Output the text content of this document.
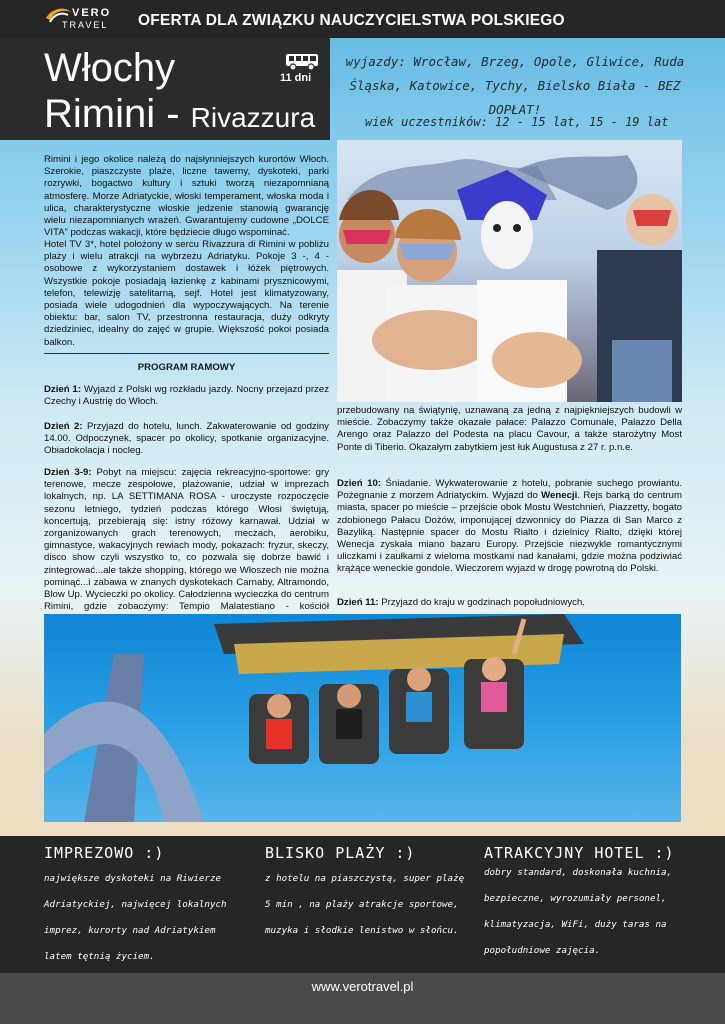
VERO
TRAVEL OFERTA DLA ZWIĄZKU NAUCZYCIELSTWA POLSKIEGO
Włochy
Rimini - Rivazzura
11 dni
wyjazdy: Wrocław, Brzeg, Opole, Gliwice, Ruda Śląska, Katowice, Tychy, Bielsko Biała - BEZ DOPŁAT!
wiek uczestników: 12 - 15 lat, 15 - 19 lat
Rimini i jego okolice należą do najsłynniejszych kurortów Włoch. Szerokie, piaszczyste plaże, liczne tawerny, dyskoteki, parki rozrywki, bogactwo kultury i sztuki tworzą niezapomnianą atmosferę. Morze Adriatyckie, włoski temperament, włoska moda i ulica, charakterystyczne włoskie jedzenie stanowią gwarancję wielu niezapomnianych wrażeń. Gwarantujemy cudowne „DOLCE VITA” podczas wakacji, które będziecie długo wspominać.
Hotel TV 3*, hotel położony w sercu Rivazzura di Rimini w pobliżu plaży i wielu atrakcji na wybrzeżu Adriatyku. Pokoje 3 -, 4 - osobowe z wykorzystaniem dostawek i łóżek piętrowych. Wszystkie pokoje posiadają łazienkę z kabinami prysznicowymi, telefon, telewizję satelitarną, sejf. Hotel jest klimatyzowany, posiada wiele udogodnień dla wypoczywających. Na terenie obiektu: bar, salon TV, przestronna restauracja, duży odkryty dziedziniec, idealny do zajęć w grupie. Większość pokoi posiada balkon.
PROGRAM RAMOWY
Dzień 1: Wyjazd z Polski wg rozkładu jazdy. Nocny przejazd przez Czechy i Austrię do Włoch.
Dzień 2: Przyjazd do hotelu, lunch. Zakwaterowanie od godziny 14.00. Odpoczynek, spacer po okolicy, spotkanie organizacyjne. Obiadokolacja i nocleg.
Dzień 3-9: Pobyt na miejscu: zajęcia rekreacyjno-sportowe: gry terenowe, mecze zespołowe, plażowanie, udział w imprezach lokalnych, np. LA SETTIMANA ROSA - uroczyste rozpoczęcie sezonu letniego, tydzień podczas którego Włosi świętują, koncertują, przebierają się: istny różowy karnawał. Udział w zorganizowanych grach terenowych, meczach, aerobiku, gimnastyce, wakacyjnych rewiach mody, pokazach: fryzur, skeczy, disco show czyli wszystko to, co pozwala się dobrze bawić i zintegrować...ale także shopping, którego we Włoszech nie można pominąć...i zabawa w znanych dyskotekach Carnaby, Altramondo, Blow Up. Wycieczki po okolicy. Całodzienna wycieczka do centrum Rimini, gdzie zobaczymy: Tempio Malatestiano - kościół
przebudowany na świątynię, uznawaną za jedną z najpiękniejszych budowli w mieście. Zobaczymy także okazałe pałace: Palazzo Comunale, Palazzo Della Arengo oraz Palazzo del Podesta na placu Cavour, a także starożytny Most Ponte di Tiberio. Okazałym zabytkiem jest łuk Augustusa z 27 r. p.n.e.
Dzień 10: Śniadanie. Wykwaterowanie z hotelu, pobranie suchego prowiantu. Pożegnanie z morzem Adriatyckim. Wyjazd do Wenecji. Rejs barką do centrum miasta, spacer po mieście – przejście obok Mostu Westchnień, Piazzetty, bogato zdobionego Pałacu Dożów, imponującej dzwonnicy do Piazza di San Marco z Bazyliką. Następnie spacer do Mostu Rialto i dzielnicy Rialto, dzięki której Wenecja zyskała miano bazaru Europy. Przejście niezwykle romantycznymi uliczkami i zaułkami z wieloma mostkami nad kanałami, gdzie można podziwiać krążące weneckie gondole. Wieczorem wyjazd w drogę powrotną do Polski.
Dzień 11: Przyjazd do kraju w godzinach popołudniowych.
IMPREZOWO :)
największe dyskoteki na Riwierze Adriatyckiej, najwięcej lokalnych imprez, kurorty nad Adriatykiem latem tętnią życiem.
BLISKO PLAŻY :)
z hotelu na piaszczystą, super plażę 5 min , na plaży atrakcje sportowe, muzyka i słodkie lenistwo w słońcu.
ATRAKCYJNY HOTEL :)
dobry standard, doskonała kuchnia, bezpieczne, wyrozumiały personel, klimatyzacja, WiFi, duży taras na popołudniowe zajęcia.
www.verotravel.pl
